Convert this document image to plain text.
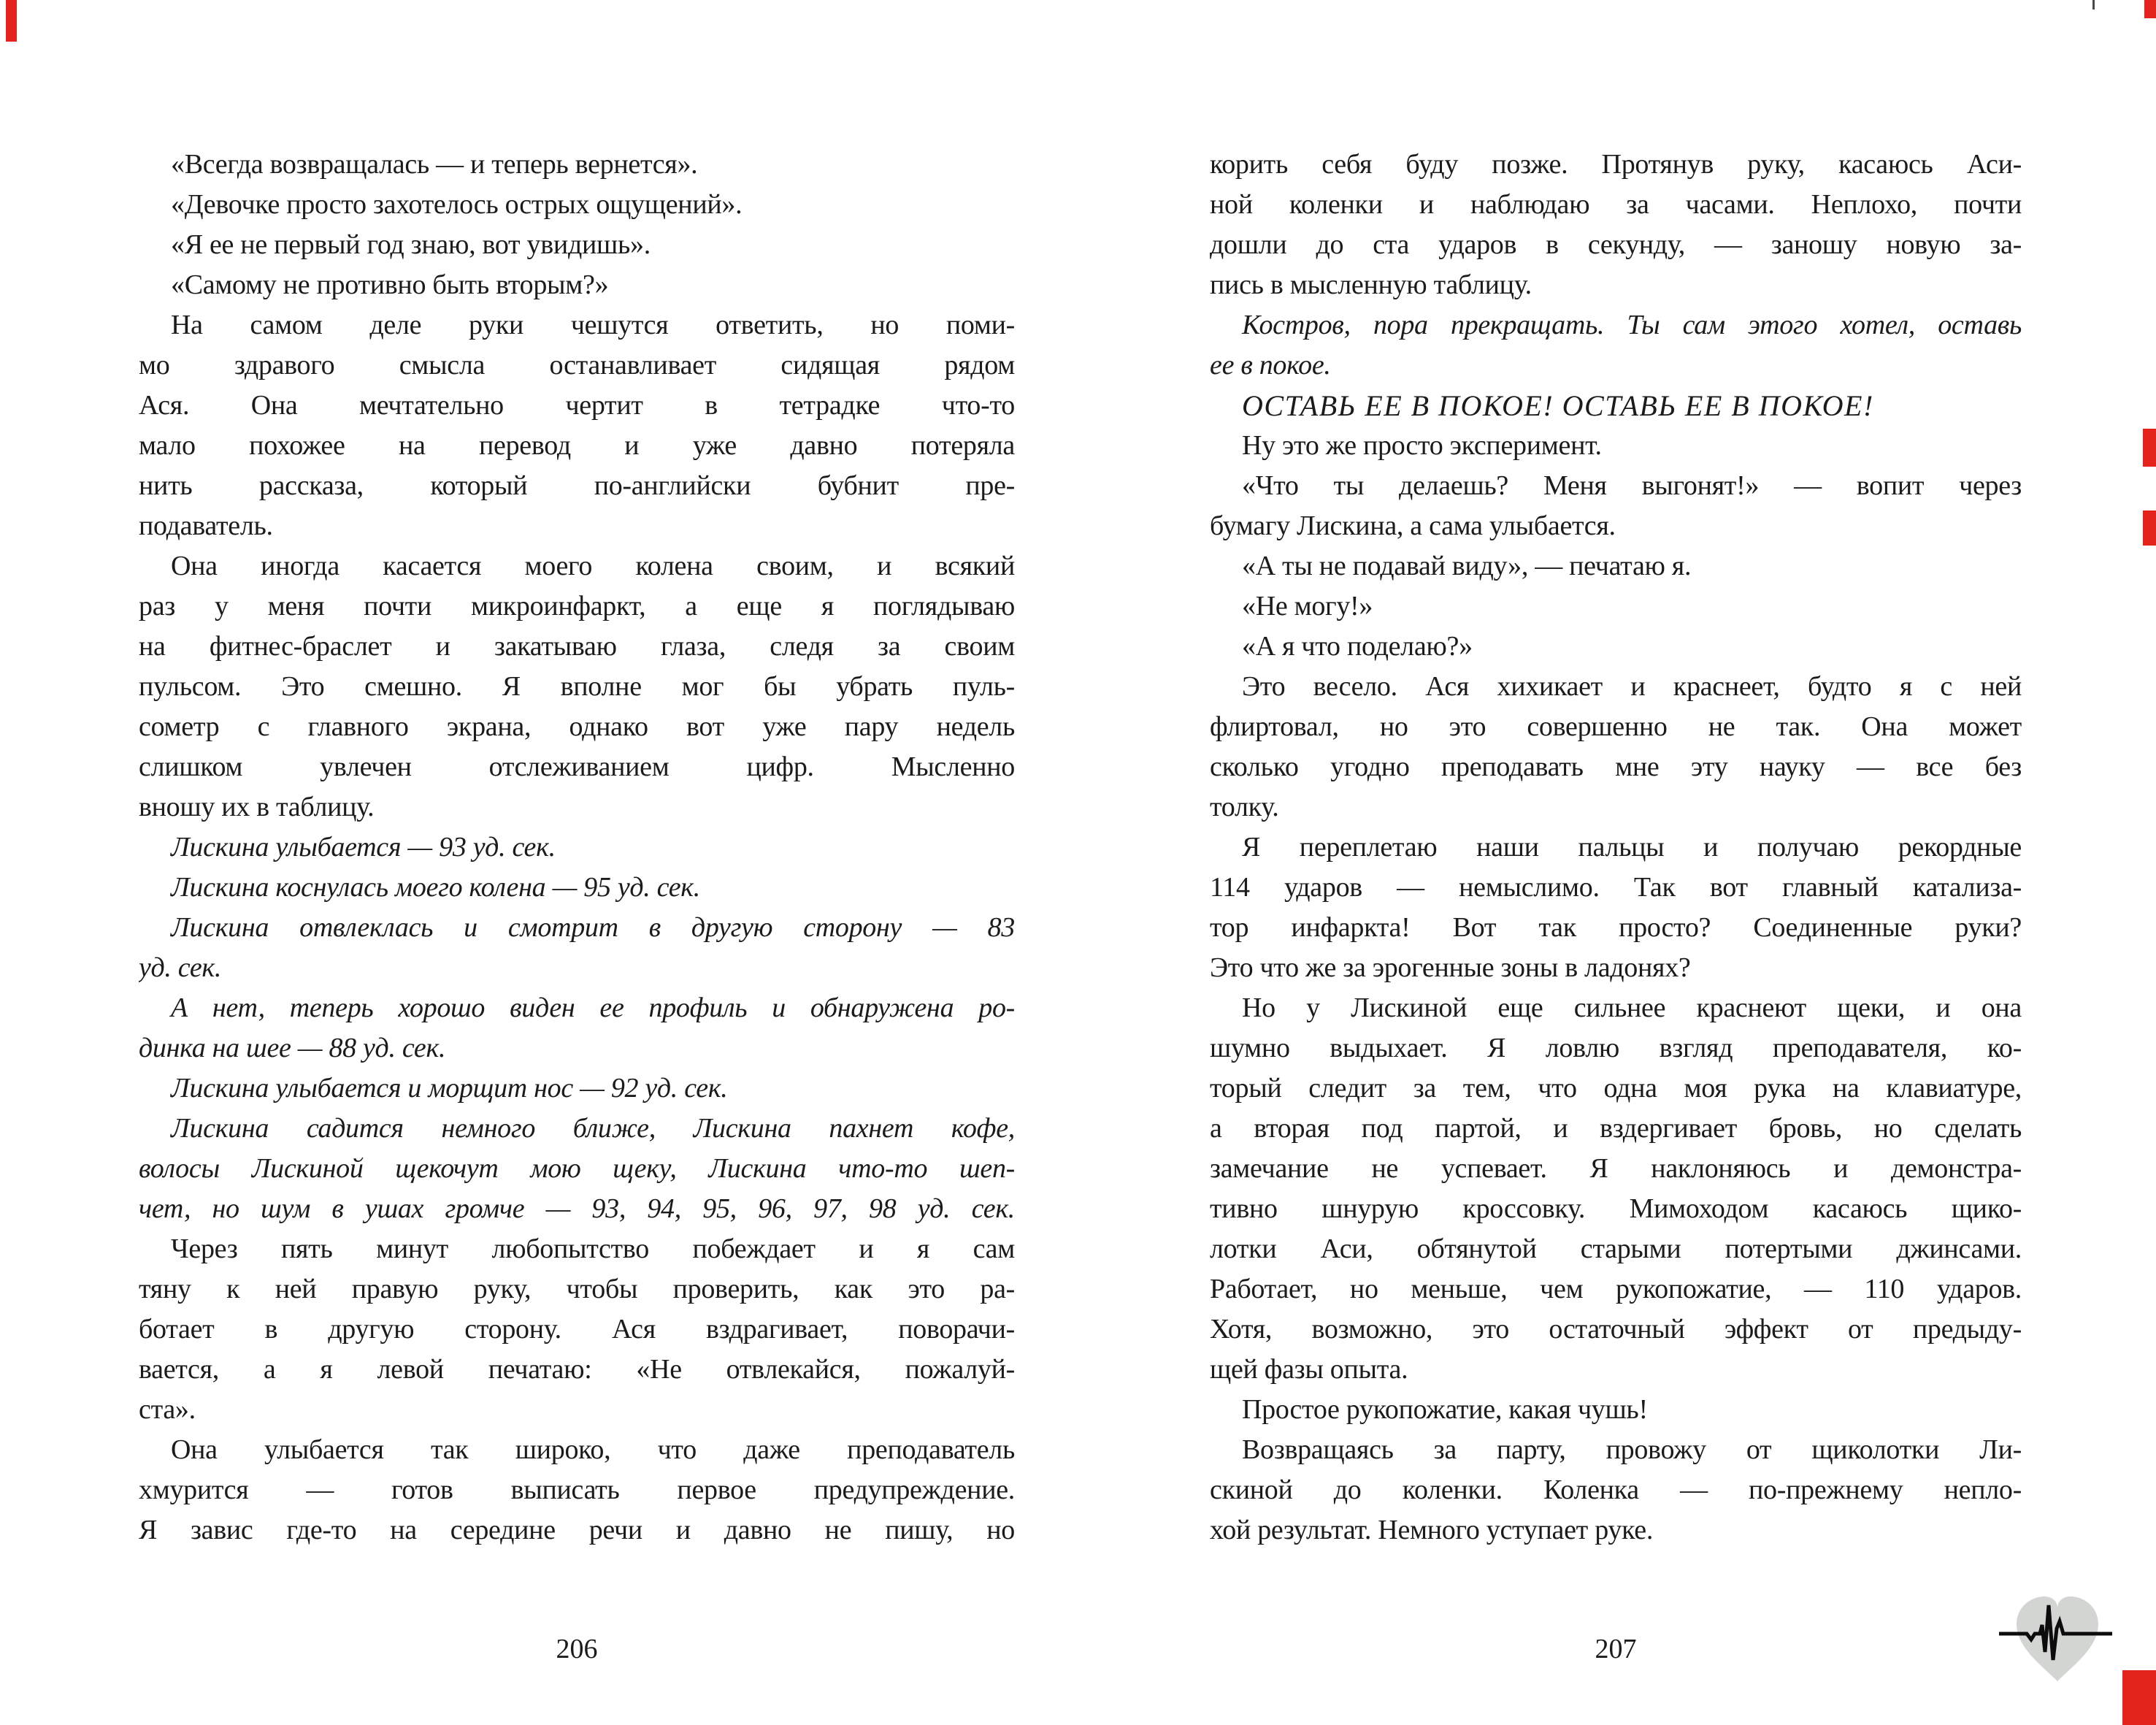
«Всегда возвращалась — и теперь вернется».
«Девочке просто захотелось острых ощущений».
«Я ее не первый год знаю, вот увидишь».
«Самому не противно быть вторым?»
На самом деле руки чешутся ответить, но поми-
мо здравого смысла останавливает сидящая рядом
Ася. Она мечтательно чертит в тетрадке что-то
мало похожее на перевод и уже давно потеряла
нить рассказа, который по-английски бубнит пре-
подаватель.
Она иногда касается моего колена своим, и всякий
раз у меня почти микроинфаркт, а еще я поглядываю
на фитнес-браслет и закатываю глаза, следя за своим
пульсом. Это смешно. Я вполне мог бы убрать пуль-
сометр с главного экрана, однако вот уже пару недель
слишком увлечен отслеживанием цифр. Мысленно
вношу их в таблицу.
Лискина улыбается — 93 уд. сек.
Лискина коснулась моего колена — 95 уд. сек.
Лискина отвлеклась и смотрит в другую сторону — 83
уд. сек.
А нет, теперь хорошо виден ее профиль и обнаружена ро-
динка на шее — 88 уд. сек.
Лискина улыбается и морщит нос — 92 уд. сек.
Лискина садится немного ближе, Лискина пахнет кофе,
волосы Лискиной щекочут мою щеку, Лискина что-то шеп-
чет, но шум в ушах громче — 93, 94, 95, 96, 97, 98 уд. сек.
Через пять минут любопытство побеждает и я сам
тяну к ней правую руку, чтобы проверить, как это ра-
ботает в другую сторону. Ася вздрагивает, поворачи-
вается, а я левой печатаю: «Не отвлекайся, пожалуй-
ста».
Она улыбается так широко, что даже преподаватель
хмурится — готов выписать первое предупреждение.
Я завис где-то на середине речи и давно не пишу, но
корить себя буду позже. Протянув руку, касаюсь Аси-
ной коленки и наблюдаю за часами. Неплохо, почти
дошли до ста ударов в секунду, — заношу новую за-
пись в мысленную таблицу.
Костров, пора прекращать. Ты сам этого хотел, оставь
ее в покое.
ОСТАВЬ ЕЕ В ПОКОЕ! ОСТАВЬ ЕЕ В ПОКОЕ!
Ну это же просто эксперимент.
«Что ты делаешь? Меня выгонят!» — вопит через
бумагу Лискина, а сама улыбается.
«А ты не подавай виду», — печатаю я.
«Не могу!»
«А я что поделаю?»
Это весело. Ася хихикает и краснеет, будто я с ней
флиртовал, но это совершенно не так. Она может
сколько угодно преподавать мне эту науку — все без
толку.
Я переплетаю наши пальцы и получаю рекордные
114 ударов — немыслимо. Так вот главный катализа-
тор инфаркта! Вот так просто? Соединенные руки?
Это что же за эрогенные зоны в ладонях?
Но у Лискиной еще сильнее краснеют щеки, и она
шумно выдыхает. Я ловлю взгляд преподавателя, ко-
торый следит за тем, что одна моя рука на клавиатуре,
а вторая под партой, и вздергивает бровь, но сделать
замечание не успевает. Я наклоняюсь и демонстра-
тивно шнурую кроссовку. Мимоходом касаюсь щико-
лотки Аси, обтянутой старыми потертыми джинсами.
Работает, но меньше, чем рукопожатие, — 110 ударов.
Хотя, возможно, это остаточный эффект от предыду-
щей фазы опыта.
Простое рукопожатие, какая чушь!
Возвращаясь за парту, провожу от щиколотки Ли-
скиной до коленки. Коленка — по-прежнему непло-
хой результат. Немного уступает руке.
206	207
